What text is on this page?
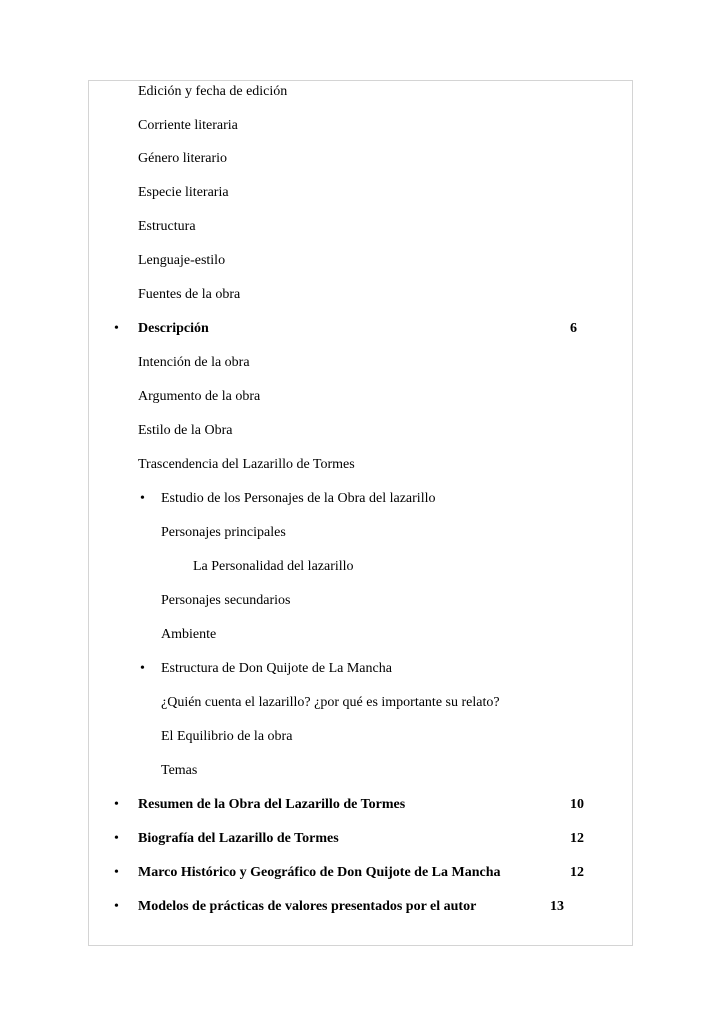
Edición y fecha de edición
Corriente literaria
Género literario
Especie literaria
Estructura
Lenguaje-estilo
Fuentes de la obra
• Descripción	6
Intención de la obra
Argumento de la obra
Estilo de la Obra
Trascendencia del Lazarillo de Tormes
• Estudio de los Personajes de la Obra del lazarillo
Personajes principales
La Personalidad del lazarillo
Personajes secundarios
Ambiente
• Estructura de Don Quijote de La Mancha
¿Quién cuenta el lazarillo? ¿por qué es importante su relato?
El Equilibrio de la obra
Temas
• Resumen de la Obra del Lazarillo de Tormes	10
• Biografía del Lazarillo de Tormes	12
• Marco Histórico y Geográfico de Don Quijote de La Mancha	12
• Modelos de prácticas de valores presentados por el autor	13
